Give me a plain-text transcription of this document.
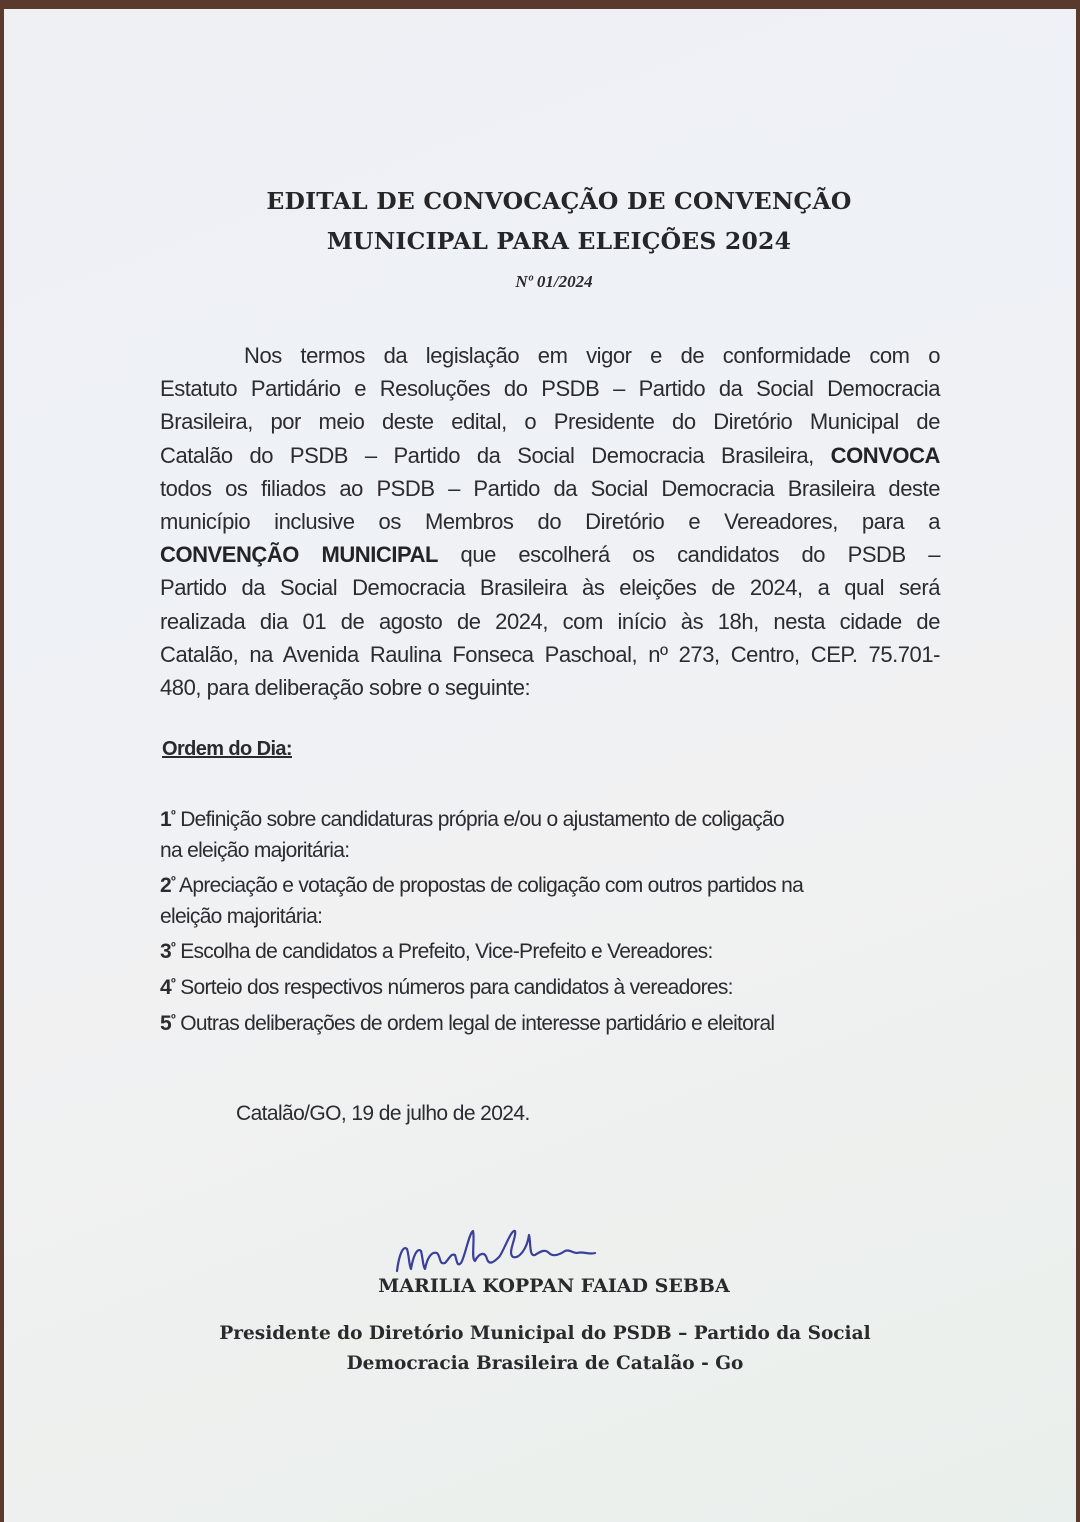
EDITAL DE CONVOCAÇÃO DE CONVENÇÃO
MUNICIPAL PARA ELEIÇÕES 2024
Nº 01/2024
Nos termos da legislação em vigor e de conformidade com o
Estatuto Partidário e Resoluções do PSDB – Partido da Social Democracia
Brasileira, por meio deste edital, o Presidente do Diretório Municipal de
Catalão do PSDB – Partido da Social Democracia Brasileira, CONVOCA
todos os filiados ao PSDB – Partido da Social Democracia Brasileira deste
município inclusive os Membros do Diretório e Vereadores, para a
CONVENÇÃO MUNICIPAL que escolherá os candidatos do PSDB –
Partido da Social Democracia Brasileira às eleições de 2024, a qual será
realizada dia 01 de agosto de 2024, com início às 18h, nesta cidade de
Catalão, na Avenida Raulina Fonseca Paschoal, nº 273, Centro, CEP. 75.701-
480, para deliberação sobre o seguinte:
Ordem do Dia:
$1^º$ Definição sobre candidaturas própria e/ou o ajustamento de coligação
na eleição majoritária:
$2^º$ Apreciação e votação de propostas de coligação com outros partidos na
eleição majoritária:
$3^º$ Escolha de candidatos a Prefeito, Vice-Prefeito e Vereadores:
$4^º$ Sorteio dos respectivos números para candidatos à vereadores:
$5^º$ Outras deliberações de ordem legal de interesse partidário e eleitoral
Catalão/GO, 19 de julho de 2024.
MARILIA KOPPAN FAIAD SEBBA
Presidente do Diretório Municipal do PSDB – Partido da Social
Democracia Brasileira de Catalão - Go
